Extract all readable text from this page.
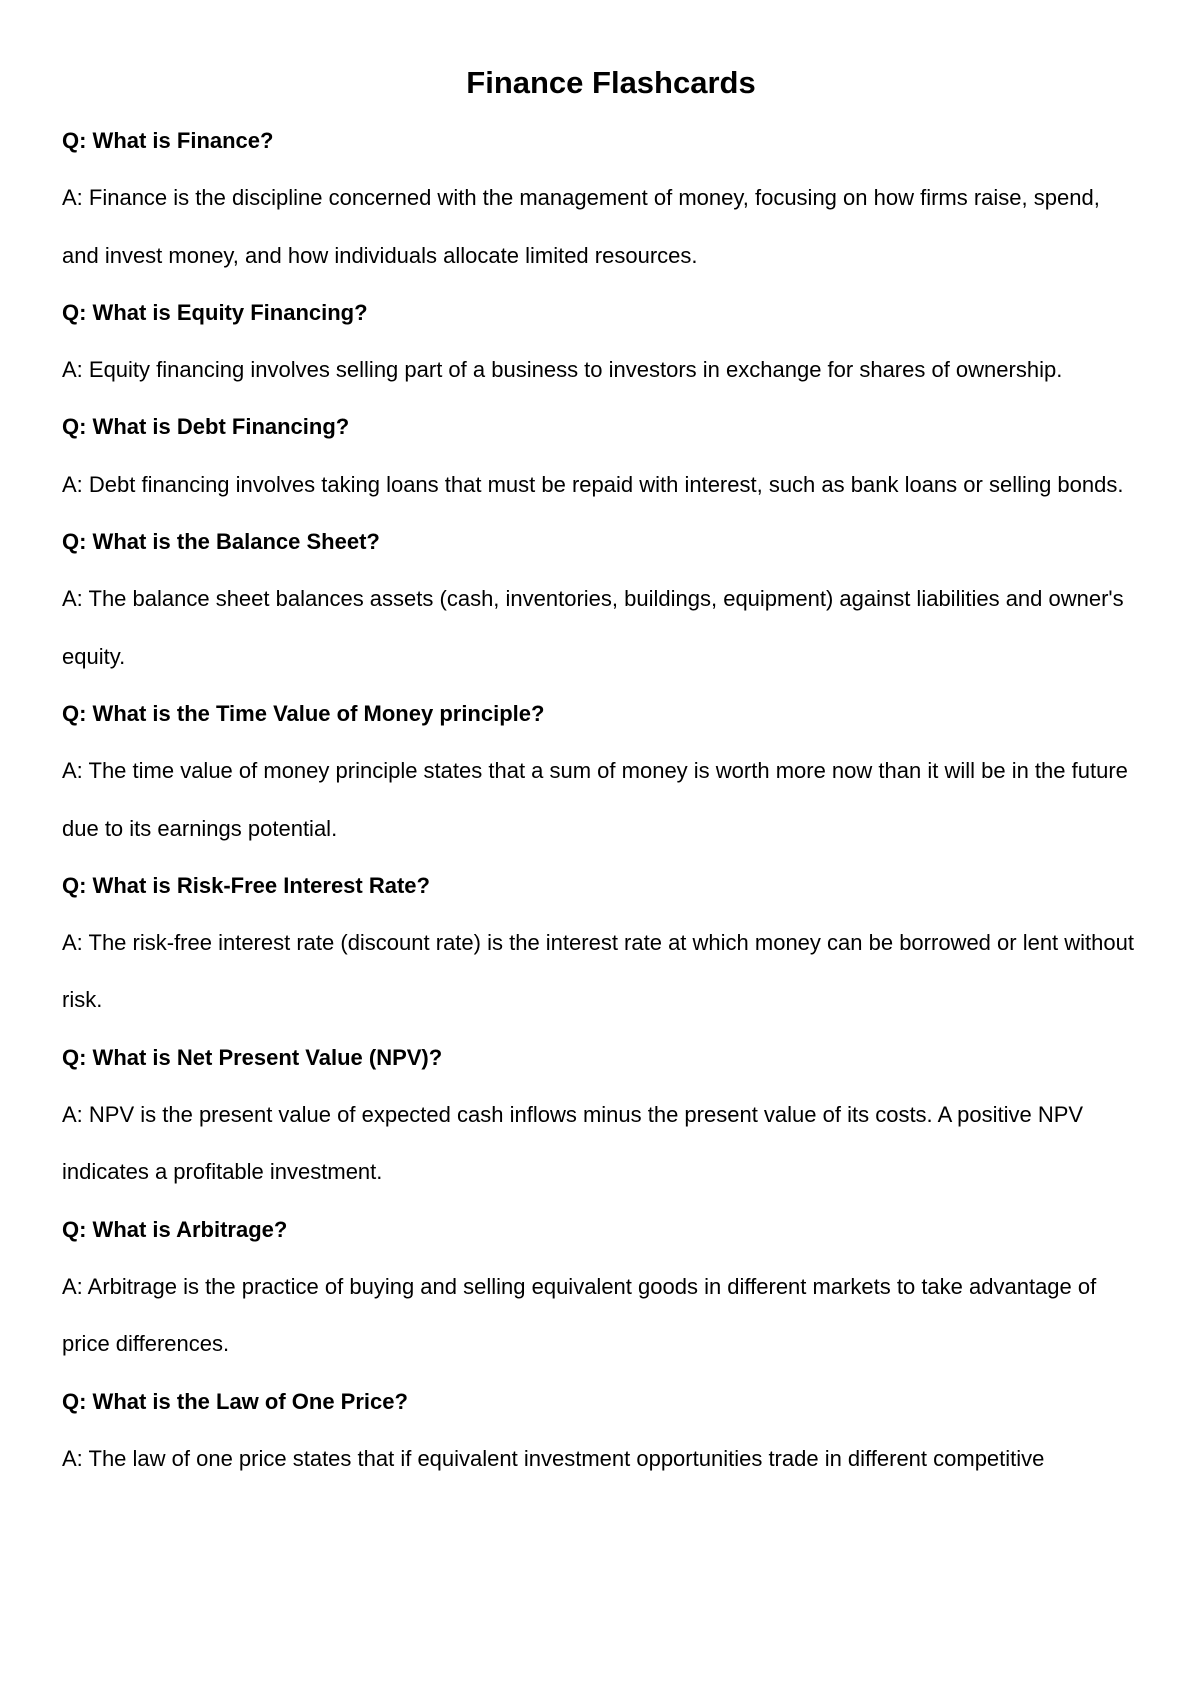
Finance Flashcards

Q: What is Finance?

A: Finance is the discipline concerned with the management of money, focusing on how firms raise, spend, and invest money, and how individuals allocate limited resources.

Q: What is Equity Financing?

A: Equity financing involves selling part of a business to investors in exchange for shares of ownership.

Q: What is Debt Financing?

A: Debt financing involves taking loans that must be repaid with interest, such as bank loans or selling bonds.

Q: What is the Balance Sheet?

A: The balance sheet balances assets (cash, inventories, buildings, equipment) against liabilities and owner's equity.

Q: What is the Time Value of Money principle?

A: The time value of money principle states that a sum of money is worth more now than it will be in the future due to its earnings potential.

Q: What is Risk-Free Interest Rate?

A: The risk-free interest rate (discount rate) is the interest rate at which money can be borrowed or lent without risk.

Q: What is Net Present Value (NPV)?

A: NPV is the present value of expected cash inflows minus the present value of its costs. A positive NPV indicates a profitable investment.

Q: What is Arbitrage?

A: Arbitrage is the practice of buying and selling equivalent goods in different markets to take advantage of price differences.

Q: What is the Law of One Price?

A: The law of one price states that if equivalent investment opportunities trade in different competitive
